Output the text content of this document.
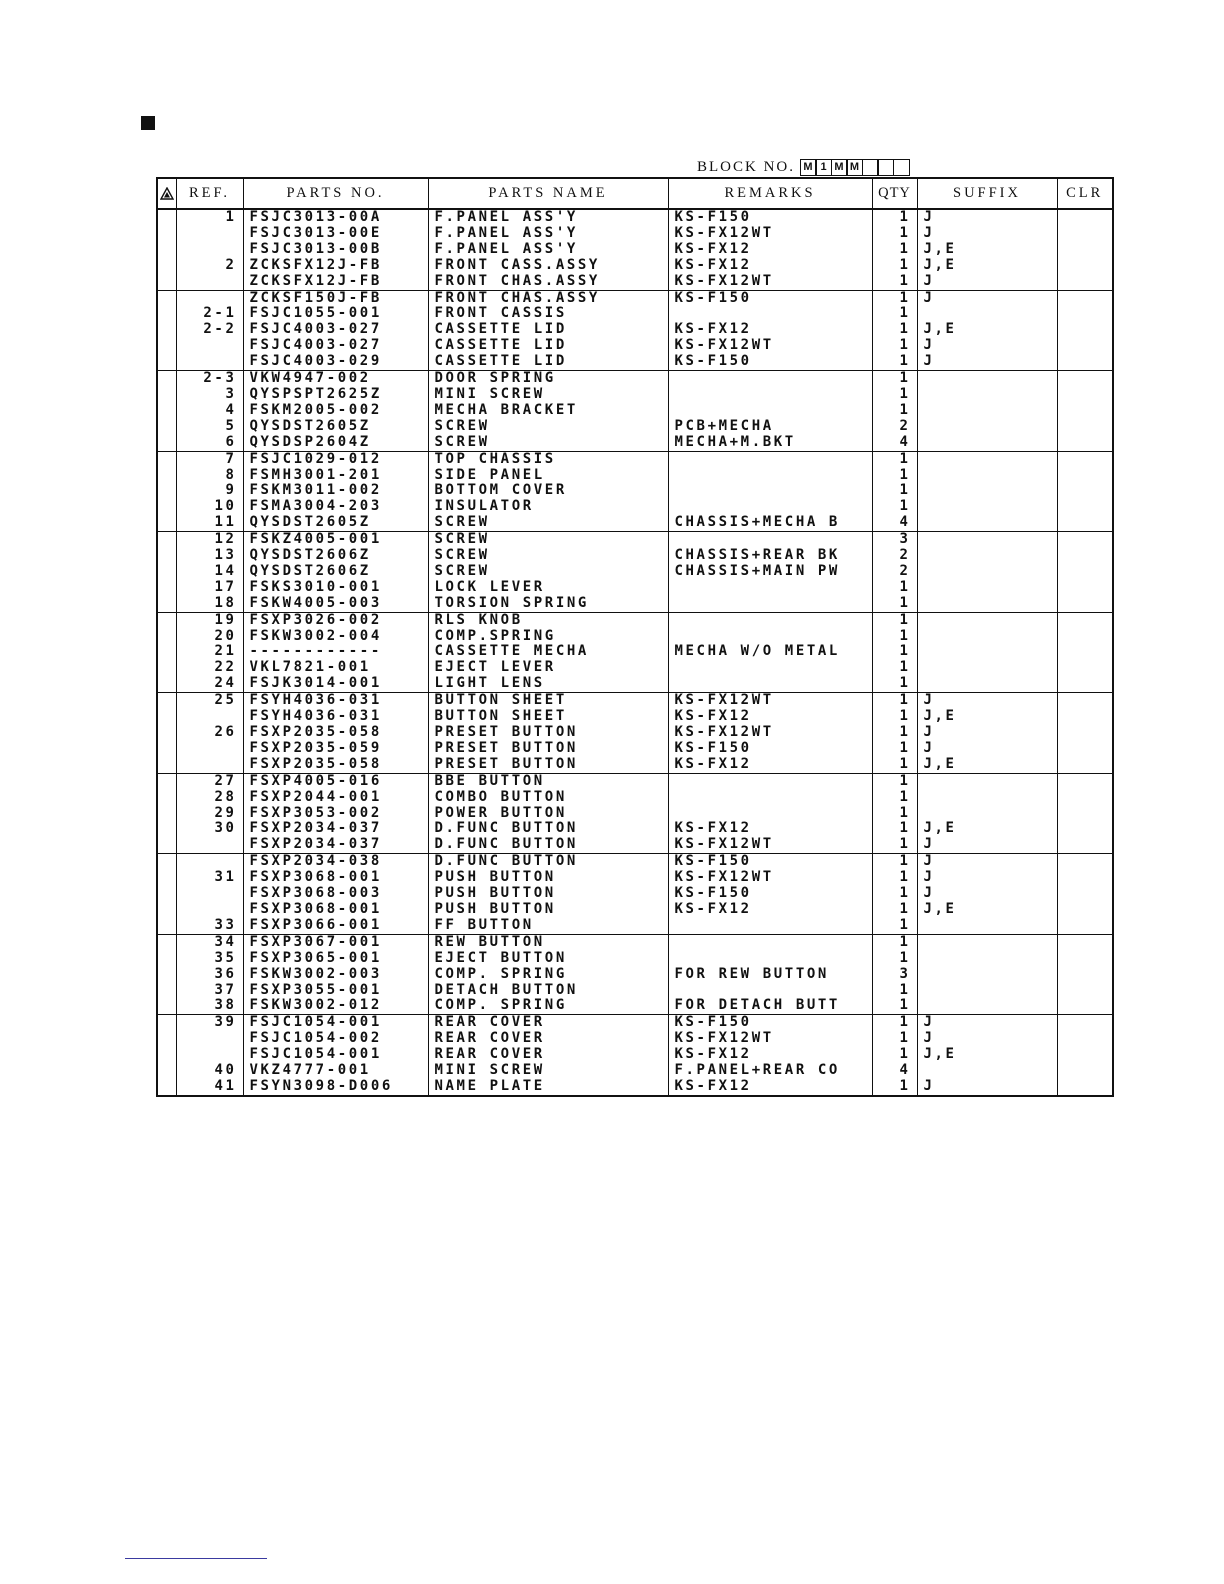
BLOCK NO. M 1 M M
	REF.	PARTS NO.	PARTS NAME	REMARKS	QTY	SUFFIX	CLR
	1	FSJC3013-00A	F.PANEL ASS'Y	KS-F150	1	J	
		FSJC3013-00E	F.PANEL ASS'Y	KS-FX12WT	1	J	
		FSJC3013-00B	F.PANEL ASS'Y	KS-FX12	1	J,E	
	2	ZCKSFX12J-FB	FRONT CASS.ASSY	KS-FX12	1	J,E	
		ZCKSFX12J-FB	FRONT CHAS.ASSY	KS-FX12WT	1	J	
		ZCKSF150J-FB	FRONT CHAS.ASSY	KS-F150	1	J	
	2-1	FSJC1055-001	FRONT CASSIS		1		
	2-2	FSJC4003-027	CASSETTE LID	KS-FX12	1	J,E	
		FSJC4003-027	CASSETTE LID	KS-FX12WT	1	J	
		FSJC4003-029	CASSETTE LID	KS-F150	1	J	
	2-3	VKW4947-002	DOOR SPRING		1		
	3	QYSPSPT2625Z	MINI SCREW		1		
	4	FSKM2005-002	MECHA BRACKET		1		
	5	QYSDST2605Z	SCREW	PCB+MECHA	2		
	6	QYSDSP2604Z	SCREW	MECHA+M.BKT	4		
	7	FSJC1029-012	TOP CHASSIS		1		
	8	FSMH3001-201	SIDE PANEL		1		
	9	FSKM3011-002	BOTTOM COVER		1		
	10	FSMA3004-203	INSULATOR		1		
	11	QYSDST2605Z	SCREW	CHASSIS+MECHA B	4		
	12	FSKZ4005-001	SCREW		3		
	13	QYSDST2606Z	SCREW	CHASSIS+REAR BK	2		
	14	QYSDST2606Z	SCREW	CHASSIS+MAIN PW	2		
	17	FSKS3010-001	LOCK LEVER		1		
	18	FSKW4005-003	TORSION SPRING		1		
	19	FSXP3026-002	RLS KNOB		1		
	20	FSKW3002-004	COMP.SPRING		1		
	21	------------	CASSETTE MECHA	MECHA W/O METAL	1		
	22	VKL7821-001	EJECT LEVER		1		
	24	FSJK3014-001	LIGHT LENS		1		
	25	FSYH4036-031	BUTTON SHEET	KS-FX12WT	1	J	
		FSYH4036-031	BUTTON SHEET	KS-FX12	1	J,E	
	26	FSXP2035-058	PRESET BUTTON	KS-FX12WT	1	J	
		FSXP2035-059	PRESET BUTTON	KS-F150	1	J	
		FSXP2035-058	PRESET BUTTON	KS-FX12	1	J,E	
	27	FSXP4005-016	BBE BUTTON		1		
	28	FSXP2044-001	COMBO BUTTON		1		
	29	FSXP3053-002	POWER BUTTON		1		
	30	FSXP2034-037	D.FUNC BUTTON	KS-FX12	1	J,E	
		FSXP2034-037	D.FUNC BUTTON	KS-FX12WT	1	J	
		FSXP2034-038	D.FUNC BUTTON	KS-F150	1	J	
	31	FSXP3068-001	PUSH BUTTON	KS-FX12WT	1	J	
		FSXP3068-003	PUSH BUTTON	KS-F150	1	J	
		FSXP3068-001	PUSH BUTTON	KS-FX12	1	J,E	
	33	FSXP3066-001	FF BUTTON		1		
	34	FSXP3067-001	REW BUTTON		1		
	35	FSXP3065-001	EJECT BUTTON		1		
	36	FSKW3002-003	COMP. SPRING	FOR REW BUTTON	3		
	37	FSXP3055-001	DETACH BUTTON		1		
	38	FSKW3002-012	COMP. SPRING	FOR DETACH BUTT	1		
	39	FSJC1054-001	REAR COVER	KS-F150	1	J	
		FSJC1054-002	REAR COVER	KS-FX12WT	1	J	
		FSJC1054-001	REAR COVER	KS-FX12	1	J,E	
	40	VKZ4777-001	MINI SCREW	F.PANEL+REAR CO	4		
	41	FSYN3098-D006	NAME PLATE	KS-FX12	1	J	
